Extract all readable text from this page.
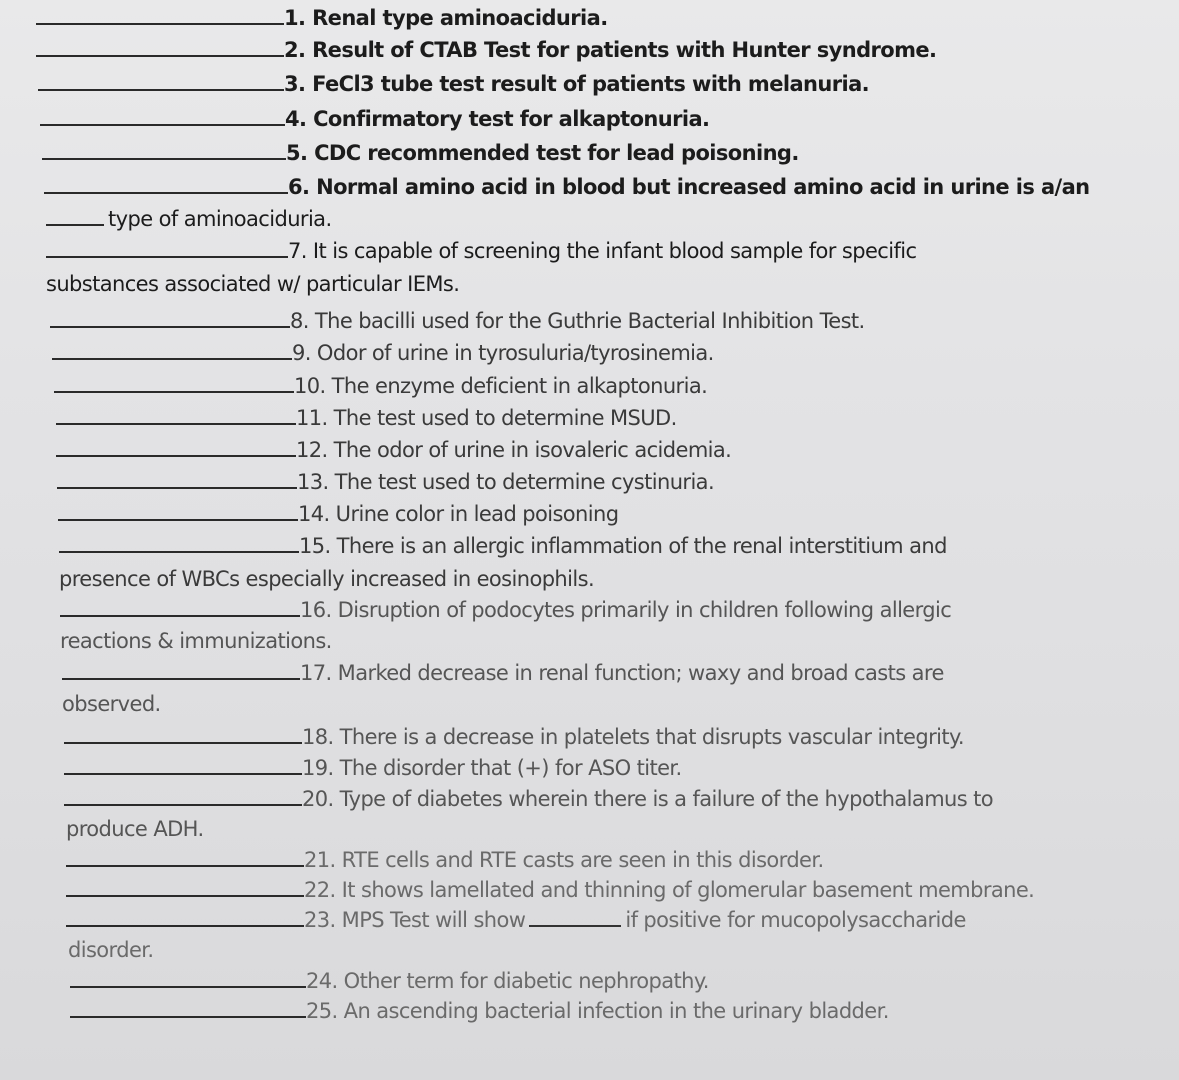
1. Renal type aminoaciduria.
2. Result of CTAB Test for patients with Hunter syndrome.
3. FeCl3 tube test result of patients with melanuria.
4. Confirmatory test for alkaptonuria.
5. CDC recommended test for lead poisoning.
6. Normal amino acid in blood but increased amino acid in urine is a/an
type of aminoaciduria.
7. It is capable of screening the infant blood sample for specific
substances associated w/ particular IEMs.
8. The bacilli used for the Guthrie Bacterial Inhibition Test.
9. Odor of urine in tyrosuluria/tyrosinemia.
10. The enzyme deficient in alkaptonuria.
11. The test used to determine MSUD.
12. The odor of urine in isovaleric acidemia.
13. The test used to determine cystinuria.
14. Urine color in lead poisoning
15. There is an allergic inflammation of the renal interstitium and
presence of WBCs especially increased in eosinophils.
16. Disruption of podocytes primarily in children following allergic
reactions & immunizations.
17. Marked decrease in renal function; waxy and broad casts are
observed.
18. There is a decrease in platelets that disrupts vascular integrity.
19. The disorder that (+) for ASO titer.
20. Type of diabetes wherein there is a failure of the hypothalamus to
produce ADH.
21. RTE cells and RTE casts are seen in this disorder.
22. It shows lamellated and thinning of glomerular basement membrane.
23. MPS Test will show	if positive for mucopolysaccharide
disorder.
24. Other term for diabetic nephropathy.
25. An ascending bacterial infection in the urinary bladder.
